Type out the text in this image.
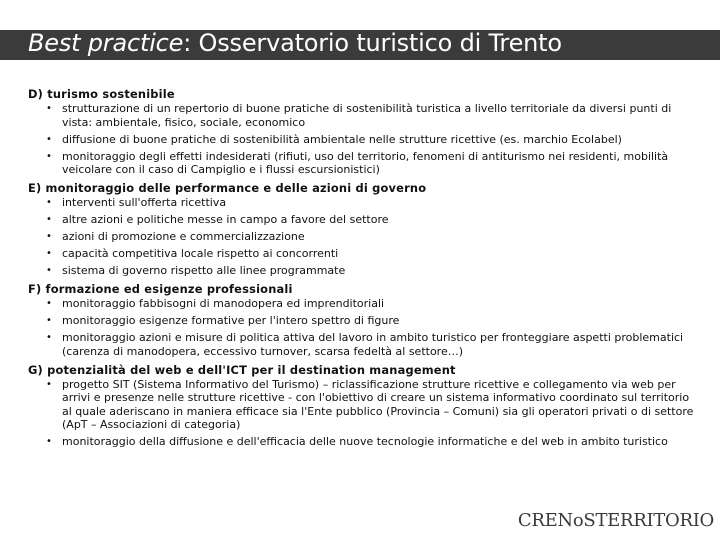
Best practice: Osservatorio turistico di Trento

D) turismo sostenibile

• strutturazione di un repertorio di buone pratiche di sostenibilità turistica a livello territoriale da diversi punti di vista: ambientale, fisico, sociale, economico
• diffusione di buone pratiche di sostenibilità ambientale nelle strutture ricettive (es. marchio Ecolabel)
• monitoraggio degli effetti indesiderati (rifiuti, uso del territorio, fenomeni di antiturismo nei residenti, mobilità veicolare con il caso di Campiglio e i flussi escursionistici)

E) monitoraggio delle performance e delle azioni di governo

• interventi sull'offerta ricettiva
• altre azioni e politiche messe in campo a favore del settore
• azioni di promozione e commercializzazione
• capacità competitiva locale rispetto ai concorrenti
• sistema di governo rispetto alle linee programmate

F) formazione ed esigenze professionali

• monitoraggio fabbisogni di manodopera ed imprenditoriali
• monitoraggio esigenze formative per l'intero spettro di figure
• monitoraggio azioni e misure di politica attiva del lavoro in ambito turistico per fronteggiare aspetti problematici (carenza di manodopera, eccessivo turnover, scarsa fedeltà al settore…)

G) potenzialità del web e dell'ICT per il destination management

• progetto SIT (Sistema Informativo del Turismo) – riclassificazione strutture ricettive e collegamento via web per arrivi e presenze nelle strutture ricettive - con l'obiettivo di creare un sistema informativo coordinato sul territorio al quale aderiscano in maniera efficace sia l'Ente pubblico (Provincia – Comuni) sia gli operatori privati o di settore (ApT – Associazioni di categoria)
• monitoraggio della diffusione e dell'efficacia delle nuove tecnologie informatiche e del web in ambito turistico
CRENoSTERRITORIO
